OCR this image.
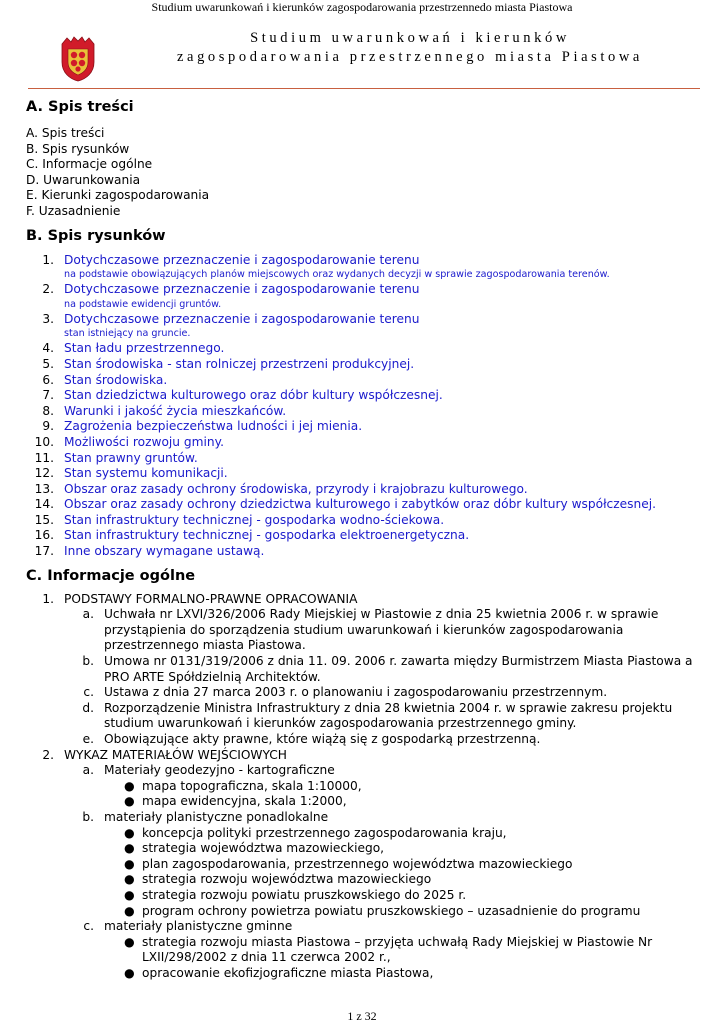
Studium uwarunkowań i kierunków zagospodarowania przestrzennedo miasta Piastowa
Studium uwarunkowań i kierunków
zagospodarowania przestrzennego miasta Piastowa
A. Spis treści
A. Spis treści
B. Spis rysunków
C. Informacje ogólne
D. Uwarunkowania
E. Kierunki zagospodarowania
F. Uzasadnienie
B. Spis rysunków
1. Dotychczasowe przeznaczenie i zagospodarowanie terenu
na podstawie obowiązujących planów miejscowych oraz wydanych decyzji w sprawie zagospodarowania terenów.
2. Dotychczasowe przeznaczenie i zagospodarowanie terenu
na podstawie ewidencji gruntów.
3. Dotychczasowe przeznaczenie i zagospodarowanie terenu
stan istniejący na gruncie.
4. Stan ładu przestrzennego.
5. Stan środowiska - stan rolniczej przestrzeni produkcyjnej.
6. Stan środowiska.
7. Stan dziedzictwa kulturowego oraz dóbr kultury współczesnej.
8. Warunki i jakość życia mieszkańców.
9. Zagrożenia bezpieczeństwa ludności i jej mienia.
10. Możliwości rozwoju gminy.
11. Stan prawny gruntów.
12. Stan systemu komunikacji.
13. Obszar oraz zasady ochrony środowiska, przyrody i krajobrazu kulturowego.
14. Obszar oraz zasady ochrony dziedzictwa kulturowego i zabytków oraz dóbr kultury współczesnej.
15. Stan infrastruktury technicznej - gospodarka wodno-ściekowa.
16. Stan infrastruktury technicznej - gospodarka elektroenergetyczna.
17. Inne obszary wymagane ustawą.
C. Informacje ogólne
1. PODSTAWY FORMALNO-PRAWNE OPRACOWANIA
a. Uchwała nr LXVI/326/2006 Rady Miejskiej w Piastowie z dnia 25 kwietnia 2006 r. w sprawie przystąpienia do sporządzenia studium uwarunkowań i kierunków zagospodarowania przestrzennego miasta Piastowa.
b. Umowa nr 0131/319/2006 z dnia 11. 09. 2006 r. zawarta między Burmistrzem Miasta Piastowa a PRO ARTE Spółdzielnią Architektów.
c. Ustawa z dnia 27 marca 2003 r. o planowaniu i zagospodarowaniu przestrzennym.
d. Rozporządzenie Ministra Infrastruktury z dnia 28 kwietnia 2004 r. w sprawie zakresu projektu studium uwarunkowań i kierunków zagospodarowania przestrzennego gminy.
e. Obowiązujące akty prawne, które wiążą się z gospodarką przestrzenną.
2. WYKAZ MATERIAŁÓW WEJŚCIOWYCH
a. Materiały geodezyjno - kartograficzne
● mapa topograficzna, skala 1:10000,
● mapa ewidencyjna, skala 1:2000,
b. materiały planistyczne ponadlokalne
● koncepcja polityki przestrzennego zagospodarowania kraju,
● strategia województwa mazowieckiego,
● plan zagospodarowania, przestrzennego województwa mazowieckiego
● strategia rozwoju województwa mazowieckiego
● strategia rozwoju powiatu pruszkowskiego do 2025 r.
● program ochrony powietrza powiatu pruszkowskiego – uzasadnienie do programu
c. materiały planistyczne gminne
● strategia rozwoju miasta Piastowa – przyjęta uchwałą Rady Miejskiej w Piastowie Nr LXII/298/2002 z dnia 11 czerwca 2002 r.,
● opracowanie ekofizjograficzne miasta Piastowa,
1 z 32
